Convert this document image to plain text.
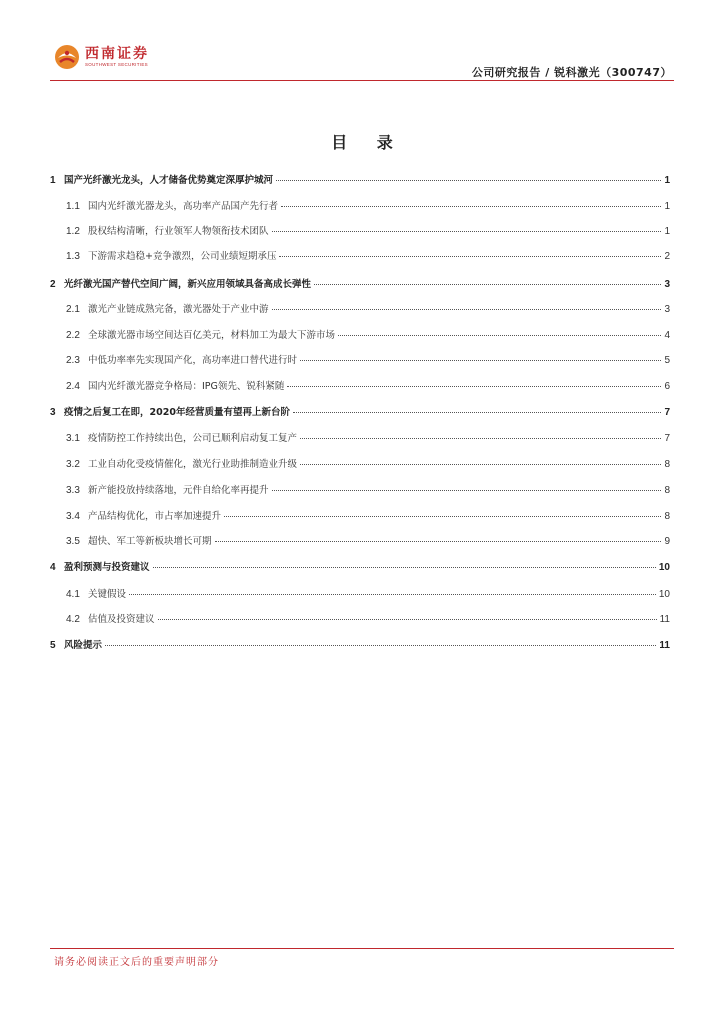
西南证券
SOUTHWEST SECURITIES
公司研究报告 / 锐科激光（300747）
目 录
1 国产光纤激光龙头，人才储备优势奠定深厚护城河	1
1.1 国内光纤激光器龙头，高功率产品国产先行者	1
1.2 股权结构清晰，行业领军人物领衔技术团队	1
1.3 下游需求趋稳+竞争激烈，公司业绩短期承压	2
2 光纤激光国产替代空间广阔，新兴应用领域具备高成长弹性	3
2.1 激光产业链成熟完备，激光器处于产业中游	3
2.2 全球激光器市场空间达百亿美元，材料加工为最大下游市场	4
2.3 中低功率率先实现国产化，高功率进口替代进行时	5
2.4 国内光纤激光器竞争格局：IPG领先、锐科紧随	6
3 疫情之后复工在即，2020年经营质量有望再上新台阶	7
3.1 疫情防控工作持续出色，公司已顺利启动复工复产	7
3.2 工业自动化受疫情催化，激光行业助推制造业升级	8
3.3 新产能投放持续落地，元件自给化率再提升	8
3.4 产品结构优化，市占率加速提升	8
3.5 超快、军工等新板块增长可期	9
4 盈利预测与投资建议	10
4.1 关键假设	10
4.2 估值及投资建议	11
5 风险提示	11
请务必阅读正文后的重要声明部分
